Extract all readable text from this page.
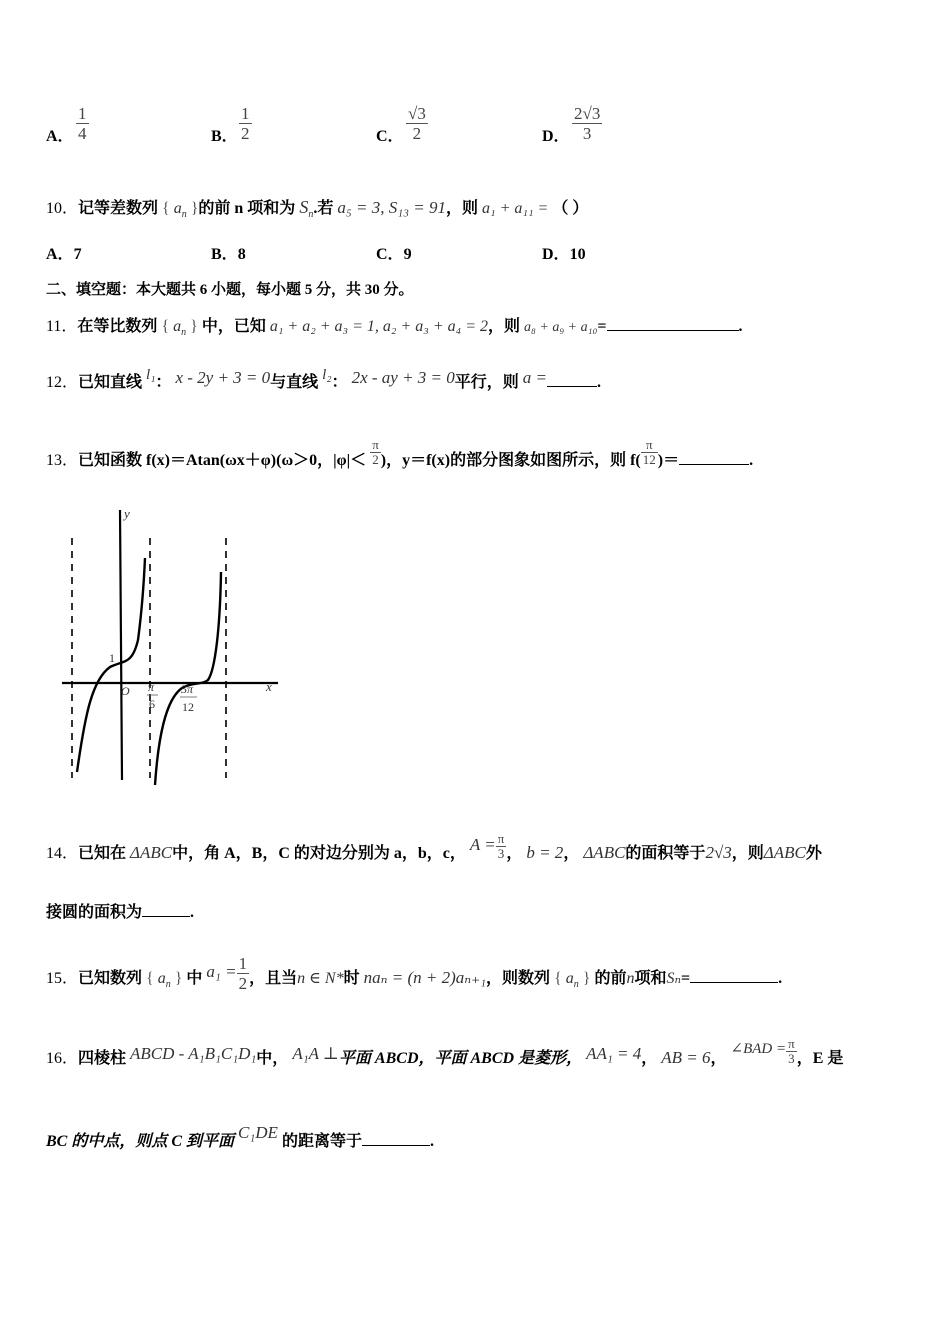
A． $\frac{1}{4}$	B． $\frac{1}{2}$	C． $\frac{√3}{2}$	D． $\frac{2√3}{3}$
10．记等差数列 { $a_n$ }的前 n 项和为 $S_n$.若 a₅ = 3, S₁₃ = 91，则 a₁ + a₁₁ = （ ）
A．7	B．8	C．9	D．10
二、填空题：本大题共 6 小题，每小题 5 分，共 30 分。
11．在等比数列 { $a_n$ } 中，已知 a₁ + a₂ + a₃ = 1, a₂ + a₃ + a₄ = 2，则 a₈ + a₉ + a₁₀=	.
12．已知直线 l₁： x - 2y + 3 = 0与直线 l₂： 2x - ay + 3 = 0平行，则 a =	.
13．已知函数 f(x)＝Atan(ωx＋φ)(ω＞0，$|\varphi|< \frac{\pi}{2}$ )，y＝f(x)的部分图象如图所示，则 $f( \frac{\pi}{12}$ )＝	.
y
x
O
1
π
6
5π
12
14．已知在 ΔABC中，角 A，B，C 的对边分别为 a，b，c， $A = \frac{\pi}{3}$ ， b = 2， ΔABC的面积等于2√3，则ΔABC外
接圆的面积为	.
15．已知数列 { $a_n$ } 中 $a_1 = \frac{1}{2}$ ，且当n ∈ N*时 naₙ = (n + 2)aₙ₊₁，则数列 { $a_n$ } 的前n项和Sₙ=	.
16．四棱柱 ABCD - A₁B₁C₁D₁中， A₁A ⊥平面 ABCD，平面 ABCD 是菱形， AA₁ = 4， AB = 6， ∠BAD = $\frac{\pi}{3}$ ，E 是
BC 的中点，则点 C 到平面 C₁DE 的距离等于	.
